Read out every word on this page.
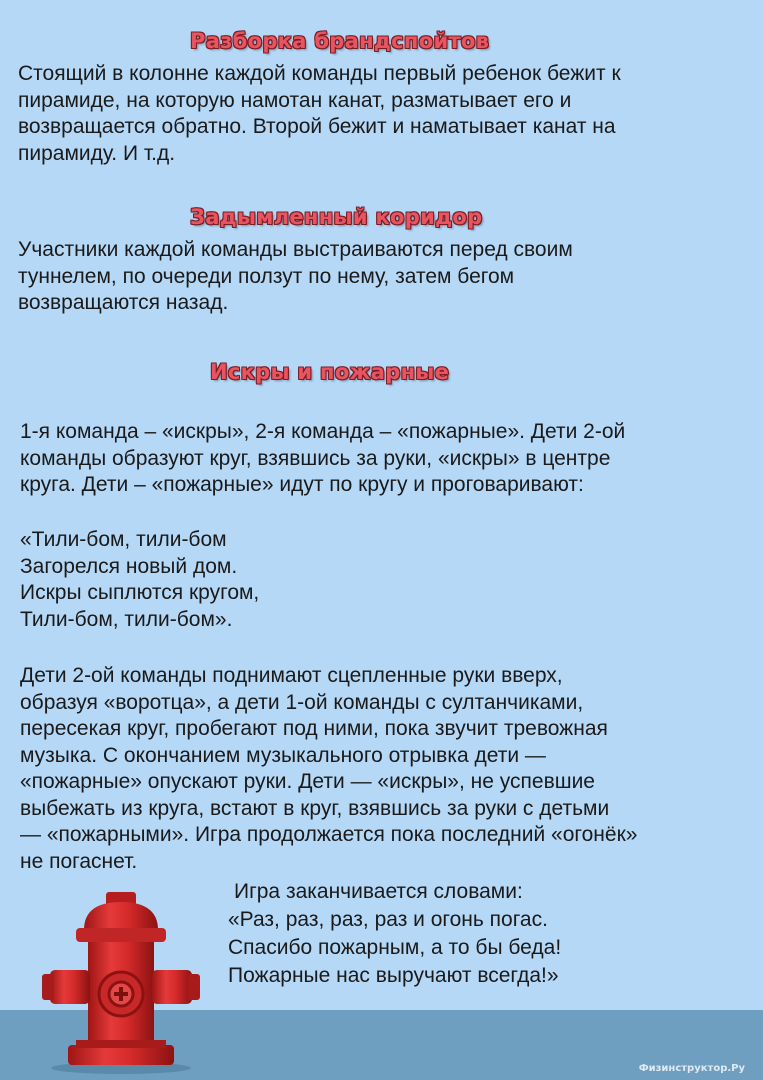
Разборка брандспойтов
Стоящий в колонне каждой команды первый ребенок бежит к
пирамиде, на которую намотан канат, разматывает его и
возвращается обратно. Второй бежит и наматывает канат на
пирамиду. И т.д.
Задымленный коридор
Участники каждой команды выстраиваются перед своим
туннелем, по очереди ползут по нему, затем бегом
возвращаются назад.
Искры и пожарные
1-я команда – «искры», 2-я команда – «пожарные». Дети 2-ой
команды образуют круг, взявшись за руки, «искры» в центре
круга. Дети – «пожарные» идут по кругу и проговаривают:
«Тили-бом, тили-бом
Загорелся новый дом.
Искры сыплются кругом,
Тили-бом, тили-бом».
Дети 2-ой команды поднимают сцепленные руки вверх,
образуя «воротца», а дети 1-ой команды с султанчиками,
пересекая круг, пробегают под ними, пока звучит тревожная
музыка. С окончанием музыкального отрывка дети —
«пожарные» опускают руки. Дети — «искры», не успевшие
выбежать из круга, встают в круг, взявшись за руки с детьми
— «пожарными». Игра продолжается пока последний «огонёк»
не погаснет.
Игра заканчивается словами:
«Раз, раз, раз, раз и огонь погас.
Спасибо пожарным, а то бы беда!
Пожарные нас выручают всегда!»
Физинструктор.Ру
